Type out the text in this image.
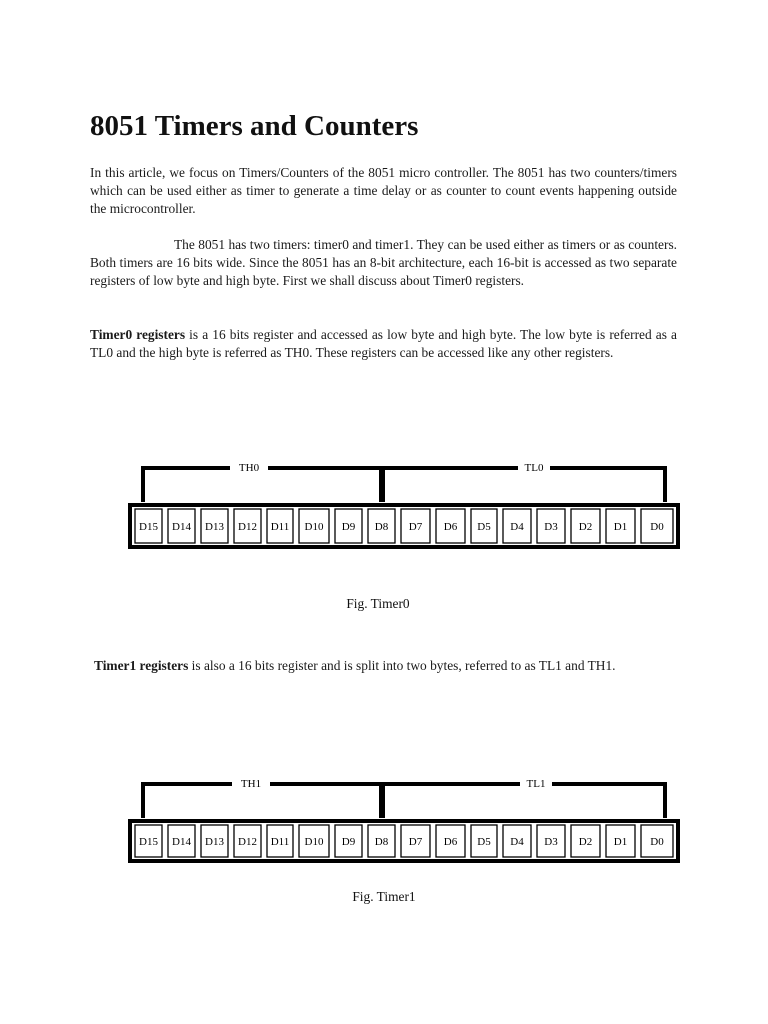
8051 Timers and Counters

In this article, we focus on Timers/Counters of the 8051 micro controller. The 8051 has two counters/timers which can be used either as timer to generate a time delay or as counter to count events happening outside the microcontroller.

The 8051 has two timers: timer0 and timer1. They can be used either as timers or as counters. Both timers are 16 bits wide. Since the 8051 has an 8-bit architecture, each 16-bit is accessed as two separate registers of low byte and high byte. First we shall discuss about Timer0 registers.

Timer0 registers is a 16 bits register and accessed as low byte and high byte. The low byte is referred as a TL0 and the high byte is referred as TH0. These registers can be accessed like any other registers.

TH0	TL0
D15 D14 D13 D12 D11 D10 D9 D8 D7 D6 D5 D4 D3 D2 D1 D0
Fig. Timer0

Timer1 registers is also a 16 bits register and is split into two bytes, referred to as TL1 and TH1.

TH1	TL1
D15 D14 D13 D12 D11 D10 D9 D8 D7 D6 D5 D4 D3 D2 D1 D0
Fig. Timer1
